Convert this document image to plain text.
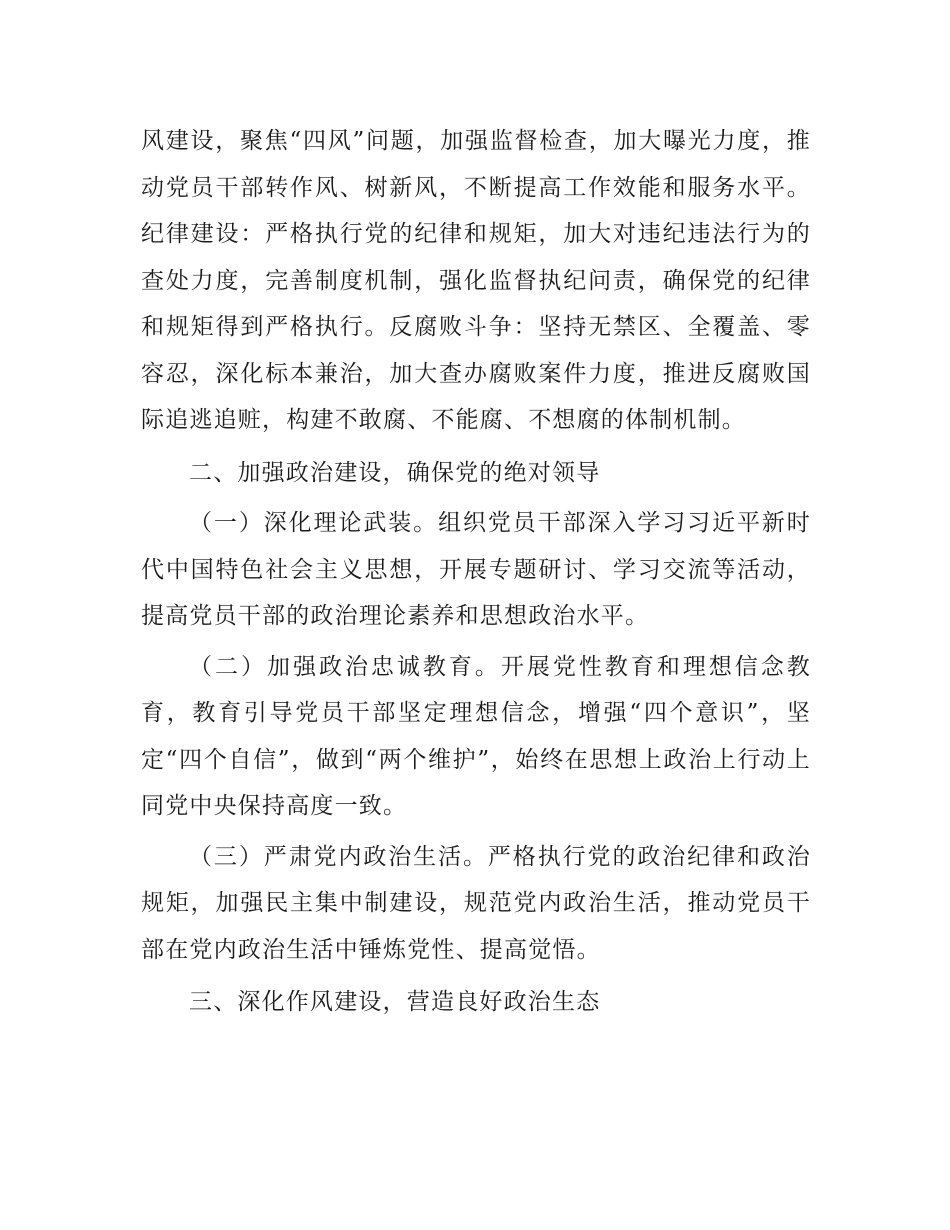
风建设，聚焦“四风”问题，加强监督检查，加大曝光力度，推动党员干部转作风、树新风，不断提高工作效能和服务水平。纪律建设：严格执行党的纪律和规矩，加大对违纪违法行为的查处力度，完善制度机制，强化监督执纪问责，确保党的纪律和规矩得到严格执行。反腐败斗争：坚持无禁区、全覆盖、零容忍，深化标本兼治，加大查办腐败案件力度，推进反腐败国际追逃追赃，构建不敢腐、不能腐、不想腐的体制机制。

二、加强政治建设，确保党的绝对领导

（一）深化理论武装。组织党员干部深入学习习近平新时代中国特色社会主义思想，开展专题研讨、学习交流等活动，提高党员干部的政治理论素养和思想政治水平。

（二）加强政治忠诚教育。开展党性教育和理想信念教育，教育引导党员干部坚定理想信念，增强“四个意识”，坚定“四个自信”，做到“两个维护”，始终在思想上政治上行动上同党中央保持高度一致。

（三）严肃党内政治生活。严格执行党的政治纪律和政治规矩，加强民主集中制建设，规范党内政治生活，推动党员干部在党内政治生活中锤炼党性、提高觉悟。

三、深化作风建设，营造良好政治生态
